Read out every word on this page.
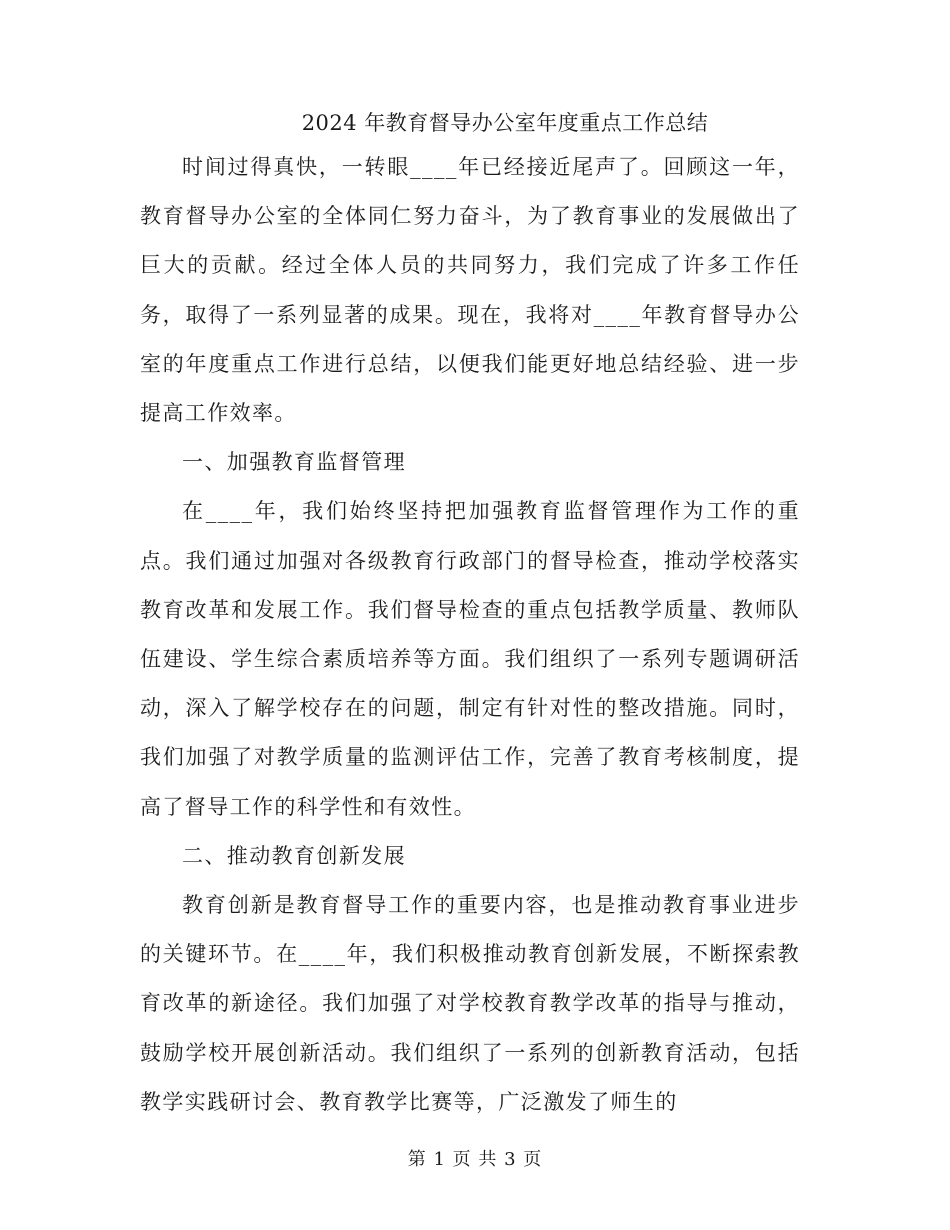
2024 年教育督导办公室年度重点工作总结

时间过得真快，一转眼____年已经接近尾声了。回顾这一年，教育督导办公室的全体同仁努力奋斗，为了教育事业的发展做出了巨大的贡献。经过全体人员的共同努力，我们完成了许多工作任务，取得了一系列显著的成果。现在，我将对____年教育督导办公室的年度重点工作进行总结，以便我们能更好地总结经验、进一步提高工作效率。

一、加强教育监督管理

在____年，我们始终坚持把加强教育监督管理作为工作的重点。我们通过加强对各级教育行政部门的督导检查，推动学校落实教育改革和发展工作。我们督导检查的重点包括教学质量、教师队伍建设、学生综合素质培养等方面。我们组织了一系列专题调研活动，深入了解学校存在的问题，制定有针对性的整改措施。同时，我们加强了对教学质量的监测评估工作，完善了教育考核制度，提高了督导工作的科学性和有效性。

二、推动教育创新发展

教育创新是教育督导工作的重要内容，也是推动教育事业进步的关键环节。在____年，我们积极推动教育创新发展，不断探索教育改革的新途径。我们加强了对学校教育教学改革的指导与推动，鼓励学校开展创新活动。我们组织了一系列的创新教育活动，包括教学实践研讨会、教育教学比赛等，广泛激发了师生的

第 1 页 共 3 页
